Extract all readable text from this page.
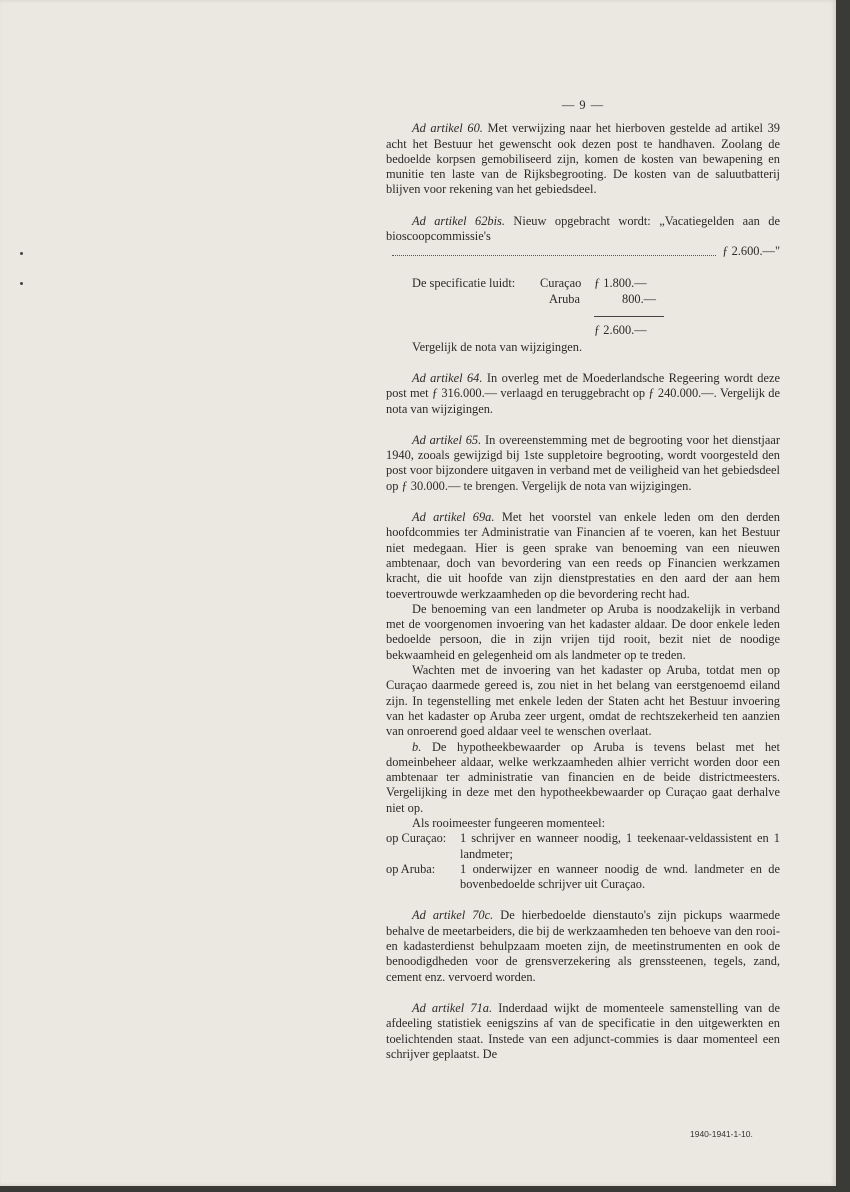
— 9 —

Ad artikel 60. Met verwijzing naar het hierboven gestelde ad artikel 39 acht het Bestuur het gewenscht ook dezen post te handhaven. Zoolang de bedoelde korpsen gemobiliseerd zijn, komen de kosten van bewapening en munitie ten laste van de Rijksbegrooting. De kosten van de saluutbatterij blijven voor rekening van het gebiedsdeel.

Ad artikel 62bis. Nieuw opgebracht wordt: „Vacatiegelden aan de bioscoopcommissie's

ƒ 2.600.—"
De specificatie luidt: Curaçao ƒ 1.800.—
Aruba	800.—
ƒ 2.600.—

Vergelijk de nota van wijzigingen.

Ad artikel 64. In overleg met de Moederlandsche Regeering wordt deze post met ƒ 316.000.— verlaagd en teruggebracht op ƒ 240.000.—. Vergelijk de nota van wijzigingen.

Ad artikel 65. In overeenstemming met de begrooting voor het dienstjaar 1940, zooals gewijzigd bij 1ste suppletoire begrooting, wordt voorgesteld den post voor bijzondere uitgaven in verband met de veiligheid van het gebiedsdeel op ƒ 30.000.— te brengen. Vergelijk de nota van wijzigingen.

Ad artikel 69a. Met het voorstel van enkele leden om den derden hoofdcommies ter Administratie van Financien af te voeren, kan het Bestuur niet medegaan. Hier is geen sprake van benoeming van een nieuwen ambtenaar, doch van bevordering van een reeds op Financien werkzamen kracht, die uit hoofde van zijn dienstprestaties en den aard der aan hem toevertrouwde werkzaamheden op die bevordering recht had.

De benoeming van een landmeter op Aruba is noodzakelijk in verband met de voorgenomen invoering van het kadaster aldaar. De door enkele leden bedoelde persoon, die in zijn vrijen tijd rooit, bezit niet de noodige bekwaamheid en gelegenheid om als landmeter op te treden.

Wachten met de invoering van het kadaster op Aruba, totdat men op Curaçao daarmede gereed is, zou niet in het belang van eerstgenoemd eiland zijn. In tegenstelling met enkele leden der Staten acht het Bestuur invoering van het kadaster op Aruba zeer urgent, omdat de rechtszekerheid ten aanzien van onroerend goed aldaar veel te wenschen overlaat.

b. De hypotheekbewaarder op Aruba is tevens belast met het domeinbeheer aldaar, welke werkzaamheden alhier verricht worden door een ambtenaar ter administratie van financien en de beide districtmeesters. Vergelijking in deze met den hypotheekbewaarder op Curaçao gaat derhalve niet op.

Als rooimeester fungeeren momenteel:

op Curaçao:	1 schrijver en wanneer noodig, 1 teekenaar-veldassistent en 1 landmeter;
op Aruba:	1 onderwijzer en wanneer noodig de wnd. landmeter en de bovenbedoelde schrijver uit Curaçao.

Ad artikel 70c. De hierbedoelde dienstauto's zijn pickups waarmede behalve de meetarbeiders, die bij de werkzaamheden ten behoeve van den rooi- en kadasterdienst behulpzaam moeten zijn, de meetinstrumenten en ook de benoodigdheden voor de grensverzekering als grenssteenen, tegels, zand, cement enz. vervoerd worden.

Ad artikel 71a. Inderdaad wijkt de momenteele samenstelling van de afdeeling statistiek eenigszins af van de specificatie in den uitgewerkten en toelichtenden staat. Instede van een adjunct-commies is daar momenteel een schrijver geplaatst. De

1940-1941-1-10.
